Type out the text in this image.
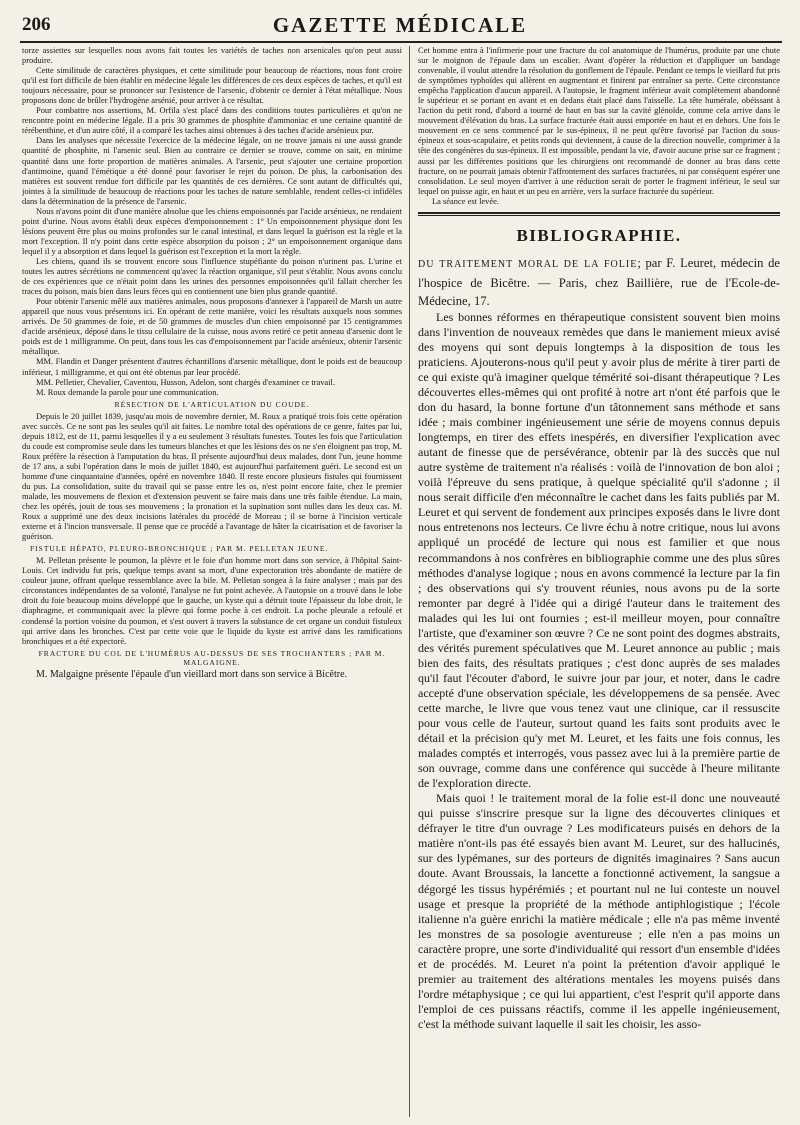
206	GAZETTE MÉDICALE

torze assiettes sur lesquelles nous avons fait toutes les variétés de taches non arsenicales qu'on peut aussi produire.

Cette similitude de caractères physiques, et cette similitude pour beaucoup de réactions, nous font croire qu'il est fort difficile de bien établir en médecine légale les différences de ces deux espèces de taches, et qu'il est toujours nécessaire, pour se prononcer sur l'existence de l'arsenic, d'obtenir ce dernier à l'état métallique. Nous proposons donc de brûler l'hydrogène arsénié, pour arriver à ce résultat.

Pour combattre nos assertions, M. Orfila s'est placé dans des conditions toutes particulières et qu'on ne rencontre point en médecine légale. Il a pris 30 grammes de phosphite d'ammoniac et une certaine quantité de térébenthine, et d'un autre côté, il a comparé les taches ainsi obtenues à des taches d'acide arsénieux pur.

Dans les analyses que nécessite l'exercice de la médecine légale, on ne trouve jamais ni une aussi grande quantité de phosphite, ni l'arsenic seul. Bien au contraire ce dernier se trouve, comme on sait, en minime quantité dans une forte proportion de matières animales. A l'arsenic, peut s'ajouter une certaine proportion d'antimoine, quand l'émétique a été donné pour favoriser le rejet du poison. De plus, la carbonisation des matières est souvent rendue fort difficile par les quantités de ces dernières. Ce sont autant de difficultés qui, jointes à la similitude de beaucoup de réactions pour les taches de nature semblable, rendent celles-ci infidèles dans la détermination de la présence de l'arsenic.

Nous n'avons point dit d'une manière absolue que les chiens empoisonnés par l'acide arsénieux, ne rendaient point d'urine. Nous avons établi deux espèces d'empoisonnement : 1° Un empoisonnement physique dont les lésions peuvent être plus ou moins profondes sur le canal intestinal, et dans lequel la guérison est la règle et la mort l'exception. Il n'y point dans cette espèce absorption du poison ; 2° un empoisonnement organique dans lequel il y a absorption et dans lequel la guérison est l'exception et la mort la règle.

Les chiens, quand ils se trouvent encore sous l'influence stupéfiante du poison n'urinent pas. L'urine et toutes les autres sécrétions ne commencent qu'avec la réaction organique, s'il peut s'établir. Nous avons conclu de ces expériences que ce n'était point dans les urines des personnes empoisonnées qu'il fallait chercher les traces du poison, mais bien dans leurs fèces qui en contiennent une bien plus grande quantité.

Pour obtenir l'arsenic mêlé aux matières animales, nous proposons d'annexer à l'appareil de Marsh un autre appareil que nous vous présentons ici. En opérant de cette manière, voici les résultats auxquels nous sommes arrivés. De 50 grammes de foie, et de 50 grammes de muscles d'un chien empoisonné par 15 centigrammes d'acide arsénieux, déposé dans le tissu cellulaire de la cuisse, nous avons retiré ce petit anneau d'arsenic dont le poids est de 1 milligramme. On peut, dans tous les cas d'empoisonnement par l'acide arsénieux, obtenir l'arsenic métallique.

MM. Flandin et Danger présentent d'autres échantillons d'arsenic métallique, dont le poids est de beaucoup inférieur, 1 milligramme, et qui ont été obtenus par leur procédé.

MM. Pelletier, Chevalier, Caventou, Husson, Adelon, sont chargés d'examiner ce travail.

M. Roux demande la parole pour une communication.

RÉSECTION DE L'ARTICULATION DU COUDE.

Depuis le 20 juillet 1839, jusqu'au mois de novembre dernier, M. Roux a pratiqué trois fois cette opération avec succès. Ce ne sont pas les seules qu'il ait faites. Le nombre total des opérations de ce genre, faites par lui, depuis 1812, est de 11, parmi lesquelles il y a eu seulement 3 résultats funestes. Toutes les fois que l'articulation du coude est compromise seule dans les tumeurs blanches et que les lésions des os ne s'en éloignent pas trop, M. Roux préfère la résection à l'amputation du bras. Il présente aujourd'hui deux malades, dont l'un, jeune homme de 17 ans, a subi l'opération dans le mois de juillet 1840, est aujourd'hui parfaitement guéri. Le second est un homme d'une cinquantaine d'années, opéré en novembre 1840. Il reste encore plusieurs fistules qui fournissent du pus. La consolidation, suite du travail qui se passe entre les os, n'est point encore faite, chez le premier malade, les mouvemens de flexion et d'extension peuvent se faire mais dans une très faible étendue. La main, chez les opérés, jouit de tous ses mouvemens ; la pronation et la supination sont nulles dans les deux cas. M. Roux a supprimé une des deux incisions latérales du procédé de Moreau ; il se borne à l'incision verticale externe et à l'incion transversale. Il pense que ce procédé a l'avantage de hâter la cicatrisation et de favoriser la guérison.

FISTULE HÉPATO, PLEURO-BRONCHIQUE ; PAR M. PELLETAN JEUNE.

M. Pelletan présente le poumon, la plèvre et le foie d'un homme mort dans son service, à l'hôpital Saint-Louis. Cet individu fut pris, quelque temps avant sa mort, d'une expectoration très abondante de matière de couleur jaune, offrant quelque ressemblance avec la bile. M. Pelletan songea à la faire analyser ; mais par des circonstances indépendantes de sa volonté, l'analyse ne fut point achevée. A l'autopsie on a trouvé dans le lobe droit du foie beaucoup moins développé que le gauche, un kyste qui a détruit toute l'épaisseur du lobe droit, le diaphragme, et communiquait avec la plèvre qui forme poche à cet endroit. La poche pleurale a refoulé et condensé la portion voisine du poumon, et s'est ouvert à travers la substance de cet organe un conduit fistuleux qui arrive dans les bronches. C'est par cette voie que le liquide du kyste est arrivé dans les ramifications bronchiques et a été expectoré.

FRACTURE DU COL DE L'HUMÉRUS AU-DESSUS DE SES TROCHANTERS ; PAR M. MALGAIGNE.

M. Malgaigne présente l'épaule d'un vieillard mort dans son service à Bicêtre.

Cet homme entra à l'infirmerie pour une fracture du col anatomique de l'humérus, produite par une chute sur le moignon de l'épaule dans un escalier. Avant d'opérer la réduction et d'appliquer un bandage convenable, il voulut attendre la résolution du gonflement de l'épaule. Pendant ce temps le vieillard fut pris de symptômes typhoïdes qui allèrent en augmentant et finirent par entraîner sa perte. Cette circonstance empêcha l'application d'aucun appareil. A l'autopsie, le fragment inférieur avait complètement abandonné le supérieur et se portant en avant et en dedans était placé dans l'aisselle. La tête humérale, obéissant à l'action du petit rond, d'abord a tourné de haut en bas sur la cavité glénoïde, comme cela arrive dans le mouvement d'élévation du bras. La surface fracturée était aussi emportée en haut et en dehors. Une fois le mouvement en ce sens commencé par le sus-épineux, il ne peut qu'être favorisé par l'action du sous-épineux et sous-scapulaire, et petits ronds qui deviennent, à cause de la direction nouvelle, comprimer à la tête des congénères du sus-épineux. Il est impossible, pendant la vie, d'avoir aucune prise sur ce fragment ; aussi par les différentes positions que les chirurgiens ont recommandé de donner au bras dans cette fracture, on ne pourrait jamais obtenir l'affrontement des surfaces fracturées, ni par conséquent espérer une consolidation. Le seul moyen d'arriver à une réduction serait de porter le fragment inférieur, le seul sur lequel on puisse agir, en haut et un peu en arrière, vers la surface fracturée du supérieur.

La séance est levée.

BIBLIOGRAPHIE.

DU TRAITEMENT MORAL DE LA FOLIE; par F. Leuret, médecin de l'hospice de Bicêtre. — Paris, chez Baillière, rue de l'Ecole-de-Médecine, 17.

Les bonnes réformes en thérapeutique consistent souvent bien moins dans l'invention de nouveaux remèdes que dans le maniement mieux avisé des moyens qui sont depuis longtemps à la disposition de tous les praticiens. Ajouterons-nous qu'il peut y avoir plus de mérite à tirer parti de ce qui existe qu'à imaginer quelque témérité soi-disant thérapeutique ? Les découvertes elles-mêmes qui ont profité à notre art n'ont été parfois que le don du hasard, la bonne fortune d'un tâtonnement sans méthode et sans idée ; mais combiner ingénieusement une série de moyens connus depuis longtemps, en tirer des effets inespérés, en diversifier l'explication avec autant de finesse que de persévérance, obtenir par là des succès que nul autre système de traitement n'a réalisés : voilà de l'innovation de bon aloi ; voilà l'épreuve du sens pratique, à quelque spécialité qu'il s'adonne ; il nous serait difficile d'en méconnaître le cachet dans les faits publiés par M. Leuret et qui servent de fondement aux principes exposés dans le livre dont nous entretenons nos lecteurs. Ce livre échu à notre critique, nous lui avons appliqué un procédé de lecture qui nous est familier et que nous recommandons à nos confrères en bibliographie comme une des plus sûres méthodes d'analyse logique ; nous en avons commencé la lecture par la fin ; des observations qui s'y trouvent réunies, nous avons pu de la sorte remonter par degré à l'idée qui a dirigé l'auteur dans le traitement des malades qui les lui ont fournies ; est-il meilleur moyen, pour connaître l'artiste, que d'examiner son œuvre ? Ce ne sont point des dogmes abstraits, des vérités purement spéculatives que M. Leuret annonce au public ; mais bien des faits, des résultats pratiques ; c'est donc auprès de ses malades qu'il faut l'écouter d'abord, le suivre jour par jour, et noter, dans le cadre accepté d'une observation spéciale, les développemens de sa pensée. Avec cette marche, le livre que vous tenez vaut une clinique, car il ressuscite pour vous celle de l'auteur, surtout quand les faits sont produits avec le détail et la précision qu'y met M. Leuret, et les faits une fois connus, les malades comptés et interrogés, vous passez avec lui à la première partie de son ouvrage, comme dans une conférence qui succède à l'heure militante de l'exploration directe.

Mais quoi ! le traitement moral de la folie est-il donc une nouveauté qui puisse s'inscrire presque sur la ligne des découvertes cliniques et défrayer le titre d'un ouvrage ? Les modificateurs puisés en dehors de la matière n'ont-ils pas été essayés bien avant M. Leuret, sur des hallucinés, sur des lypémanes, sur des porteurs de dignités imaginaires ? Sans aucun doute. Avant Broussais, la lancette a fonctionné activement, la sangsue a dégorgé les tissus hypérémiés ; et pourtant nul ne lui conteste un nouvel usage et presque la propriété de la méthode antiphlogistique ; l'école italienne n'a guère enrichi la matière médicale ; elle n'a pas même inventé les monstres de sa posologie aventureuse ; elle n'en a pas moins un caractère propre, une sorte d'individualité qui ressort d'un ensemble d'idées et de procédés. M. Leuret n'a point la prétention d'avoir appliqué le premier au traitement des altérations mentales les moyens puisés dans l'ordre métaphysique ; ce qui lui appartient, c'est l'esprit qu'il apporte dans l'emploi de ces puissans réactifs, comme il les appelle ingénieusement, c'est la méthode suivant laquelle il sait les choisir, les asso-
